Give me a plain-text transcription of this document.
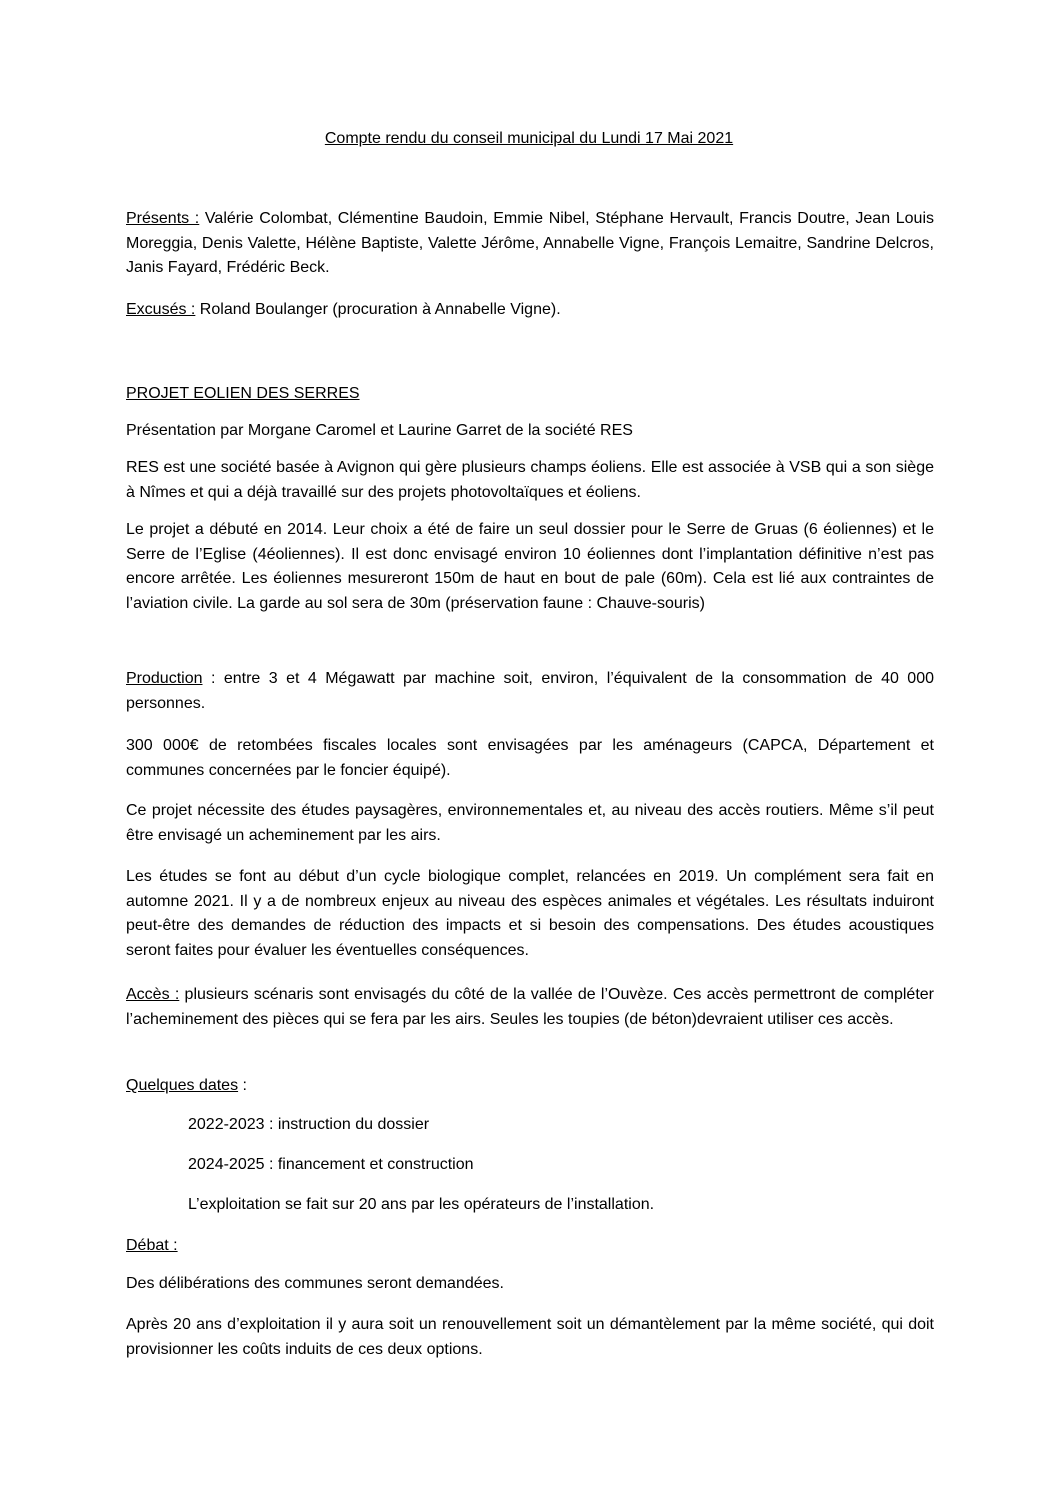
Compte rendu du conseil municipal du Lundi 17 Mai 2021
Présents : Valérie Colombat, Clémentine Baudoin, Emmie Nibel, Stéphane Hervault, Francis Doutre, Jean Louis Moreggia, Denis Valette, Hélène Baptiste, Valette Jérôme, Annabelle Vigne, François Lemaitre, Sandrine Delcros, Janis Fayard, Frédéric Beck.
Excusés : Roland Boulanger (procuration à Annabelle Vigne).
PROJET EOLIEN DES SERRES
Présentation par Morgane Caromel et Laurine Garret de la société RES
RES est une société basée à Avignon qui gère plusieurs champs éoliens. Elle est associée à VSB qui a son siège à Nîmes et qui a déjà travaillé sur des projets photovoltaïques et éoliens.
Le projet a débuté en 2014. Leur choix a été de faire un seul dossier pour le Serre de Gruas (6 éoliennes) et le Serre de l’Eglise (4éoliennes). Il est donc envisagé environ 10 éoliennes dont l’implantation définitive n’est pas encore arrêtée. Les éoliennes mesureront 150m de haut en bout de pale (60m). Cela est lié aux contraintes de l’aviation civile. La garde au sol sera de 30m (préservation faune : Chauve-souris)
Production : entre 3 et 4 Mégawatt par machine soit, environ, l’équivalent de la consommation de 40 000 personnes.
300 000€ de retombées fiscales locales sont envisagées par les aménageurs (CAPCA, Département et communes concernées par le foncier équipé).
Ce projet nécessite des études paysagères, environnementales et, au niveau des accès routiers. Même s’il peut être envisagé un acheminement par les airs.
Les études se font au début d’un cycle biologique complet, relancées en 2019. Un complément sera fait en automne 2021. Il y a de nombreux enjeux au niveau des espèces animales et végétales. Les résultats induiront peut-être des demandes de réduction des impacts et si besoin des compensations. Des études acoustiques seront faites pour évaluer les éventuelles conséquences.
Accès : plusieurs scénaris sont envisagés du côté de la vallée de l’Ouvèze. Ces accès permettront de compléter l’acheminement des pièces qui se fera par les airs. Seules les toupies (de béton)devraient utiliser ces accès.
Quelques dates :
2022-2023 : instruction du dossier
2024-2025 : financement et construction
L’exploitation se fait sur 20 ans par les opérateurs de l’installation.
Débat :
Des délibérations des communes seront demandées.
Après 20 ans d’exploitation il y aura soit un renouvellement soit un démantèlement par la même société, qui doit provisionner les coûts induits de ces deux options.
